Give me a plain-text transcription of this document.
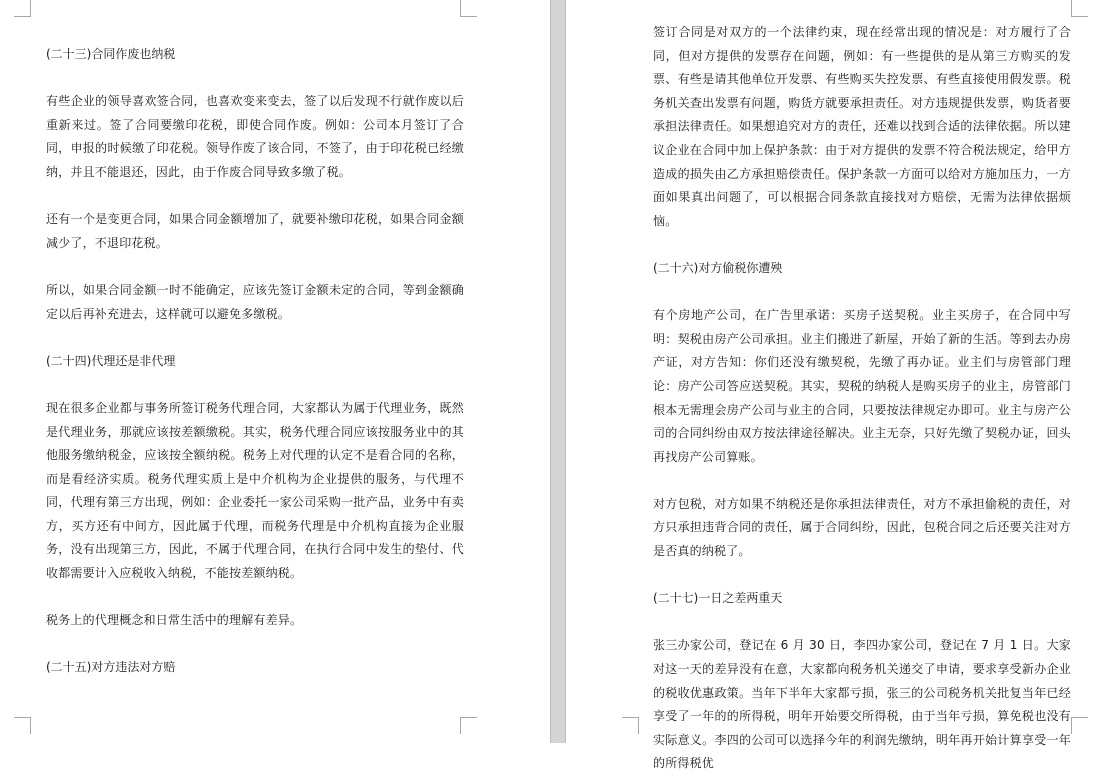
(二十三)合同作废也纳税

有些企业的领导喜欢签合同，也喜欢变来变去，签了以后发现不行就作废以后重新来过。签了合同要缴印花税，即使合同作废。例如：公司本月签订了合同，申报的时候缴了印花税。领导作废了该合同，不签了，由于印花税已经缴纳，并且不能退还，因此，由于作废合同导致多缴了税。

还有一个是变更合同，如果合同金额增加了，就要补缴印花税，如果合同金额减少了，不退印花税。

所以，如果合同金额一时不能确定，应该先签订金额未定的合同，等到金额确定以后再补充进去，这样就可以避免多缴税。

(二十四)代理还是非代理

现在很多企业都与事务所签订税务代理合同，大家都认为属于代理业务，既然是代理业务，那就应该按差额缴税。其实，税务代理合同应该按服务业中的其他服务缴纳税金，应该按全额纳税。税务上对代理的认定不是看合同的名称，而是看经济实质。税务代理实质上是中介机构为企业提供的服务，与代理不同，代理有第三方出现，例如：企业委托一家公司采购一批产品，业务中有卖方，买方还有中间方，因此属于代理，而税务代理是中介机构直接为企业服务，没有出现第三方，因此，不属于代理合同，在执行合同中发生的垫付、代收都需要计入应税收入纳税，不能按差额纳税。

税务上的代理概念和日常生活中的理解有差异。

(二十五)对方违法对方赔

签订合同是对双方的一个法律约束，现在经常出现的情况是：对方履行了合同，但对方提供的发票存在问题，例如：有一些提供的是从第三方购买的发票、有些是请其他单位开发票、有些购买失控发票、有些直接使用假发票。税务机关查出发票有问题，购货方就要承担责任。对方违规提供发票，购货者要承担法律责任。如果想追究对方的责任，还难以找到合适的法律依据。所以建议企业在合同中加上保护条款：由于对方提供的发票不符合税法规定，给甲方造成的损失由乙方承担赔偿责任。保护条款一方面可以给对方施加压力，一方面如果真出问题了，可以根据合同条款直接找对方赔偿，无需为法律依据烦恼。

(二十六)对方偷税你遭殃

有个房地产公司，在广告里承诺：买房子送契税。业主买房子，在合同中写明：契税由房产公司承担。业主们搬进了新屋，开始了新的生活。等到去办房产证，对方告知：你们还没有缴契税，先缴了再办证。业主们与房管部门理论：房产公司答应送契税。其实，契税的纳税人是购买房子的业主，房管部门根本无需理会房产公司与业主的合同，只要按法律规定办即可。业主与房产公司的合同纠纷由双方按法律途径解决。业主无奈，只好先缴了契税办证，回头再找房产公司算账。

对方包税，对方如果不纳税还是你承担法律责任，对方不承担偷税的责任，对方只承担违背合同的责任，属于合同纠纷，因此，包税合同之后还要关注对方是否真的纳税了。

(二十七)一日之差两重天

张三办家公司，登记在 6 月 30 日，李四办家公司，登记在 7 月 1 日。大家对这一天的差异没有在意，大家都向税务机关递交了申请，要求享受新办企业的税收优惠政策。当年下半年大家都亏损，张三的公司税务机关批复当年已经享受了一年的的所得税，明年开始要交所得税，由于当年亏损，算免税也没有实际意义。李四的公司可以选择今年的利润先缴纳，明年再开始计算享受一年的所得税优
